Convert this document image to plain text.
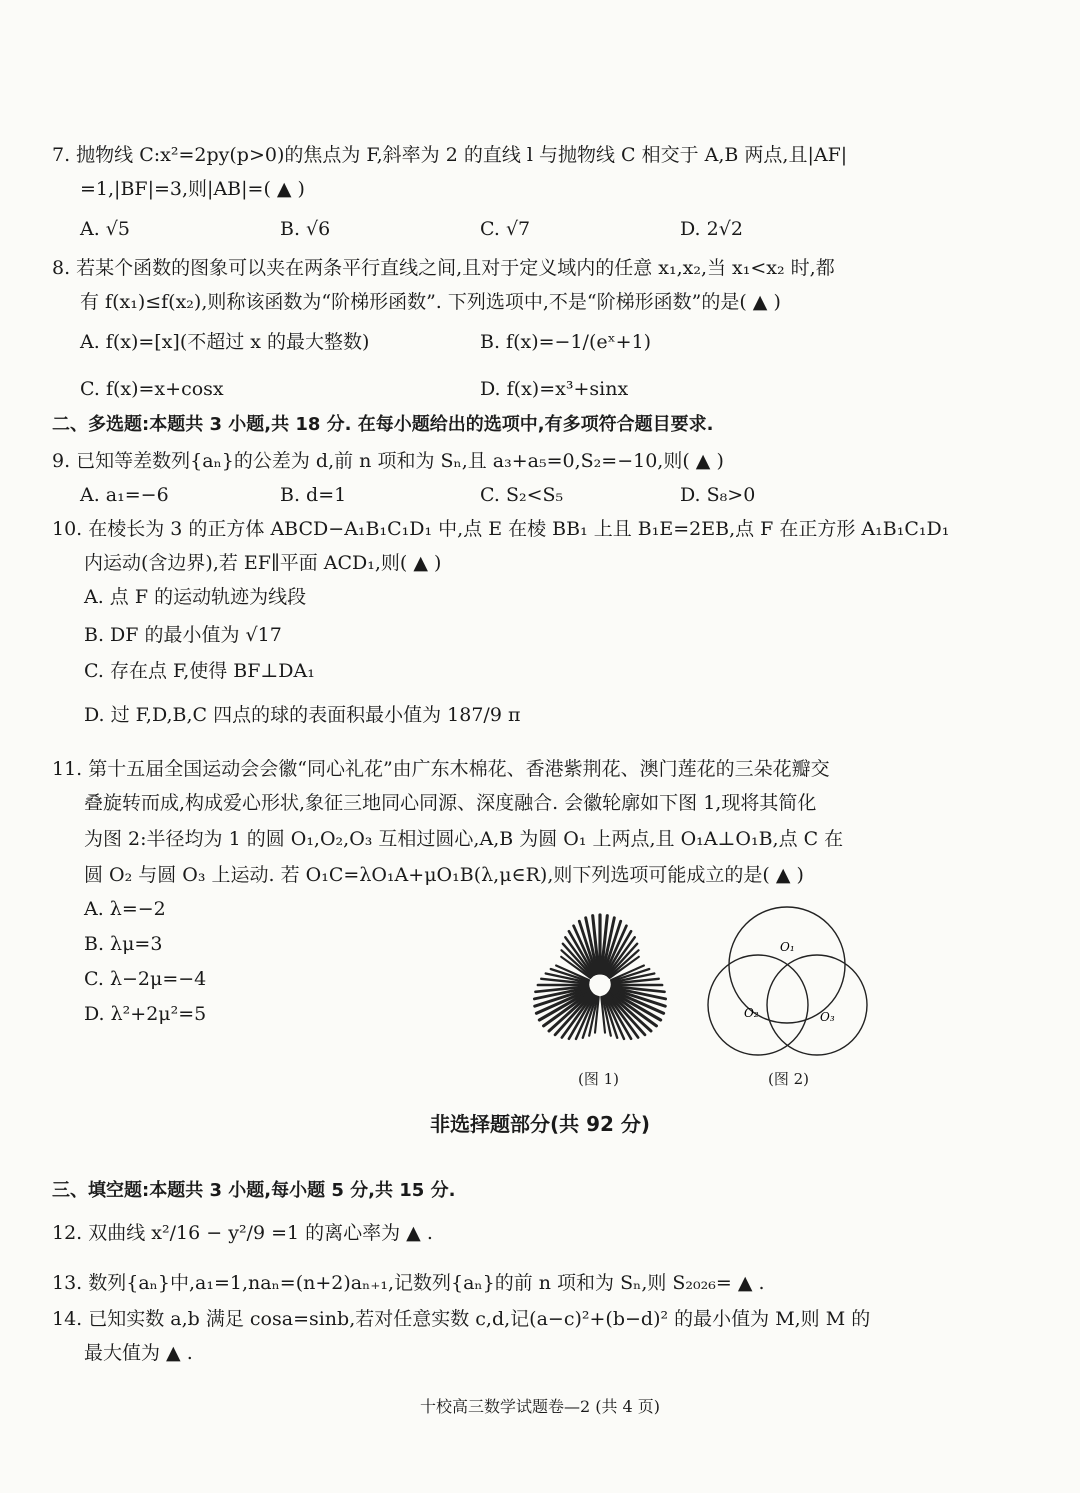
7. 抛物线 C:x²=2py(p>0)的焦点为 F,斜率为 2 的直线 l 与抛物线 C 相交于 A,B 两点,且|AF|
=1,|BF|=3,则|AB|=( ▲ )
A. √5	B. √6	C. √7	D. 2√2
8. 若某个函数的图象可以夹在两条平行直线之间,且对于定义域内的任意 x₁,x₂,当 x₁<x₂ 时,都
有 f(x₁)≤f(x₂),则称该函数为“阶梯形函数”. 下列选项中,不是“阶梯形函数”的是( ▲ )
A. f(x)=[x](不超过 x 的最大整数)	B. f(x)=−1/(eˣ+1)
C. f(x)=x+cosx	D. f(x)=x³+sinx
二、多选题:本题共 3 小题,共 18 分. 在每小题给出的选项中,有多项符合题目要求.
9. 已知等差数列{aₙ}的公差为 d,前 n 项和为 Sₙ,且 a₃+a₅=0,S₂=−10,则( ▲ )
A. a₁=−6	B. d=1	C. S₂<S₅	D. S₈>0
10. 在棱长为 3 的正方体 ABCD−A₁B₁C₁D₁ 中,点 E 在棱 BB₁ 上且 B₁E=2EB,点 F 在正方形 A₁B₁C₁D₁
内运动(含边界),若 EF∥平面 ACD₁,则( ▲ )
A. 点 F 的运动轨迹为线段
B. DF 的最小值为 √17
C. 存在点 F,使得 BF⊥DA₁
D. 过 F,D,B,C 四点的球的表面积最小值为 187/9 π
11. 第十五届全国运动会会徽“同心礼花”由广东木棉花、香港紫荆花、澳门莲花的三朵花瓣交
叠旋转而成,构成爱心形状,象征三地同心同源、深度融合. 会徽轮廓如下图 1,现将其简化
为图 2:半径均为 1 的圆 O₁,O₂,O₃ 互相过圆心,A,B 为圆 O₁ 上两点,且 O₁A⊥O₁B,点 C 在
圆 O₂ 与圆 O₃ 上运动. 若 O₁C=λO₁A+μO₁B(λ,μ∈R),则下列选项可能成立的是( ▲ )
A. λ=−2
B. λμ=3
C. λ−2μ=−4
D. λ²+2μ²=5
(图 1)
O₁
O₂	O₃
(图 2)
非选择题部分(共 92 分)
三、填空题:本题共 3 小题,每小题 5 分,共 15 分.
12. 双曲线 x²/16 − y²/9 =1 的离心率为 ▲ .
13. 数列{aₙ}中,a₁=1,naₙ=(n+2)aₙ₊₁,记数列{aₙ}的前 n 项和为 Sₙ,则 S₂₀₂₆= ▲ .
14. 已知实数 a,b 满足 cosa=sinb,若对任意实数 c,d,记(a−c)²+(b−d)² 的最小值为 M,则 M 的
最大值为 ▲ .
十校高三数学试题卷—2 (共 4 页)
